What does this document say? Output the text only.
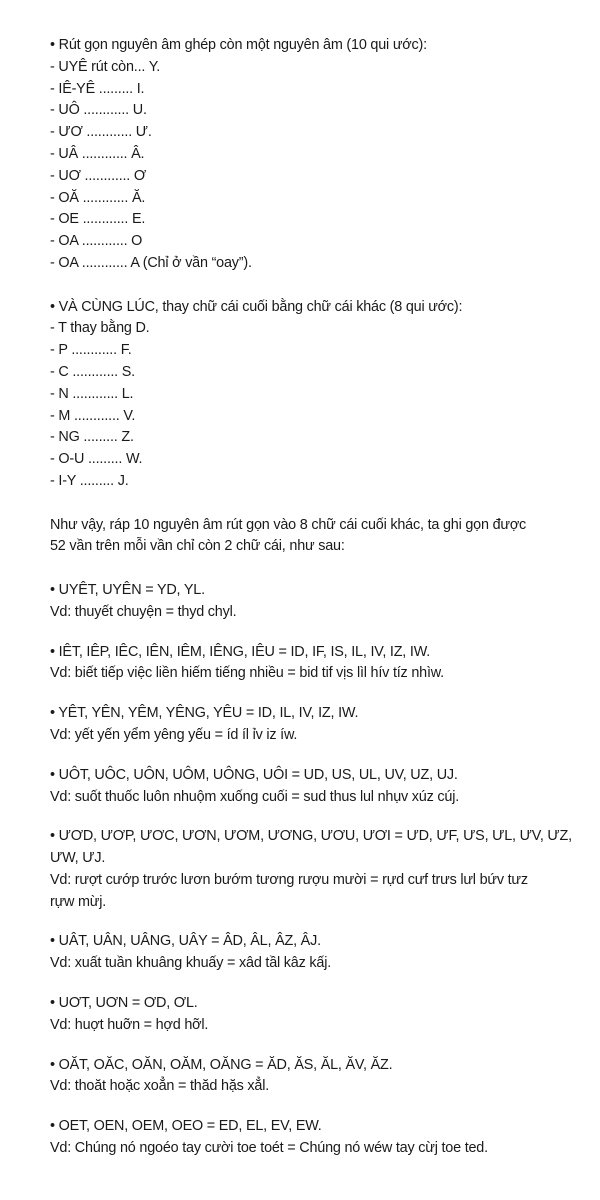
• Rút gọn nguyên âm ghép còn một nguyên âm (10 qui ước):
- UYÊ rút còn... Y.
- IÊ-YÊ ......... I.
- UÔ ............ U.
- ƯƠ ............ Ư.
- UÂ ............ Â.
- UƠ ............ Ơ
- OĂ ............ Ă.
- OE ............ E.
- OA ............ O
- OA ............ A (Chỉ ở vần “oay”).
• VÀ CÙNG LÚC, thay chữ cái cuối bằng chữ cái khác (8 qui ước):
- T thay bằng D.
- P ............ F.
- C ............ S.
- N ............ L.
- M ............ V.
- NG ......... Z.
- O-U ......... W.
- I-Y ......... J.
Như vậy, ráp 10 nguyên âm rút gọn vào 8 chữ cái cuối khác, ta ghi gọn được
52 vần trên mỗi vần chỉ còn 2 chữ cái, như sau:
• UYÊT, UYÊN = YD, YL.
Vd: thuyết chuyện = thyd chyl.
• IÊT, IÊP, IÊC, IÊN, IÊM, IÊNG, IÊU = ID, IF, IS, IL, IV, IZ, IW.
Vd: biết tiếp việc liền hiếm tiếng nhiều = bid tif vịs lìl hív tíz nhìw.
• YÊT, YÊN, YÊM, YÊNG, YÊU = ID, IL, IV, IZ, IW.
Vd: yết yến yểm yêng yếu = íd íl ỉv iz íw.
• UÔT, UÔC, UÔN, UÔM, UÔNG, UÔI = UD, US, UL, UV, UZ, UJ.
Vd: suốt thuốc luôn nhuộm xuống cuối = sud thus lul nhụv xúz cúj.
• ƯƠD, ƯƠP, ƯƠC, ƯƠN, ƯƠM, ƯƠNG, ƯƠU, ƯƠI = ƯD, ƯF, ƯS, ƯL, ƯV, ƯZ,
ƯW, ƯJ.
Vd: rượt cướp trước lươn bướm tương rượu mười = rựd cưf trưs lưl bứv tưz
rựw mừj.
• UÂT, UÂN, UÂNG, UÂY = ÂD, ÂL, ÂZ, ÂJ.
Vd: xuất tuần khuâng khuấy = xâd tầl kâz kấj.
• UƠT, UƠN = ƠD, ƠL.
Vd: huợt huỡn = hợd hỡl.
• OĂT, OĂC, OĂN, OĂM, OĂNG = ĂD, ĂS, ĂL, ĂV, ĂZ.
Vd: thoăt hoặc xoẳn = thăd hặs xẳl.
• OET, OEN, OEM, OEO = ED, EL, EV, EW.
Vd: Chúng nó ngoéo tay cười toe toét = Chúng nó wéw tay cừj toe ted.
